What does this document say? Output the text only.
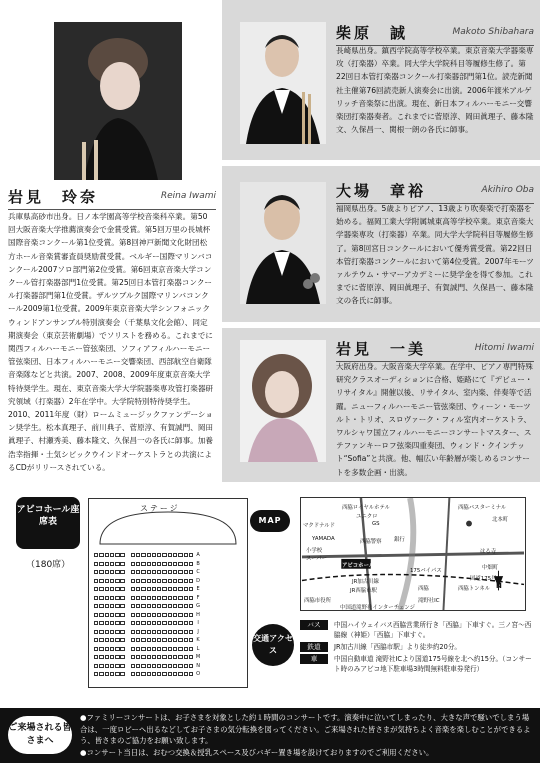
岩見　玲奈	Reina Iwami
兵庫県高砂市出身。日ノ本学園高等学校音楽科卒業。第50回大阪音楽大学推薦演奏会で金賞受賞。第5回万里の長城杯国際音楽コンクール第1位受賞。第8回神戸新聞文化財団松方ホール音楽賞審査員奨励賞受賞。ベルギー国際マリンバコンクール2007ソロ部門第2位受賞。第6回東京音楽大学コンクール管打楽器部門1位受賞。第25回日本管打楽器コンクール打楽器部門第1位受賞。ザルツブルク国際マリンバコンクール2009第1位受賞。2009年東京音楽大学シンフォニックウィンドアンサンブル特別演奏会（千葉県文化会館）、同定期演奏会（東京芸術劇場）でソリストを務める。これまでに関西フィルハーモニー管弦楽団、ソフィアフィルハーモニー管弦楽団、日本フィルハーモニー交響楽団、西部航空自衛隊音楽隊などと共演。2007、2008、2009年度東京音楽大学特待奨学生。現在、東京音楽大学大学院器楽専攻管打楽器研究領域（打楽器）2年在学中。大学院特別特待奨学生。2010、2011年度（財）ロームミュージックファンデーション奨学生。松本真理子、前川典子、菅原淳、有賀誠門、岡田眞理子、村瀬秀美、藤本隆文、久保昌一の各氏に師事。加養浩幸指揮・土気シビックウインドオーケストラとの共演によるCDがリリースされている。
柴原　誠	Makoto Shibahara
長崎県出身。鎮西学院高等学校卒業。東京音楽大学器楽専攻（打楽器）卒業。同大学大学院科目等履修生修了。第22回日本管打楽器コンクール打楽器部門第1位。読売新聞社主催第76回読売新人演奏会に出演。2006年渡米アルゲリッチ音楽祭に出演。現在、新日本フィルハーモニー交響楽団打楽器奏者。これまでに菅原淳、岡田眞理子、藤本隆文、久保昌一、関根一朗の各氏に師事。
大場　章裕	Akihiro Oba
福岡県出身。5歳よりピアノ、13歳より吹奏楽で打楽器を始める。福岡工業大学附属城東高等学校卒業。東京音楽大学器楽専攻（打楽器）卒業。同大学大学院科目等履修生修了。第8回宮日コンクールにおいて優秀賞受賞。第22回日本管打楽器コンクールにおいて第4位受賞。2007年モーツァルテウム・サマーアカデミーに奨学金を得て参加。これまでに菅原淳、岡田眞理子、有賀誠門、久保昌一、藤本隆文の各氏に師事。
岩見　一美	Hitomi Iwami
大阪府出身。大阪音楽大学卒業。在学中、ピアノ専門特殊研究クラスオーディションに合格、姫路にて『デビュー・リサイタル』開催以後、リサイタル、室内楽、伴奏等で活躍。ニューフィルハーモニー管弦楽団、ウィーン・モーツルト・トリオ、スロヴァーク・フィル室内オーケストラ、ワルシャワ国立フィルハーモニーコンサートマスター、ステファンキーロフ弦楽四重奏団、ウィンド・クインテット“Sofia”と共演。他、幅広い年齢層が楽しめるコンサートを多数企画・出演。
アビコホール座席表
（180席）
ステージ
A
B
C
D
E
F
G
H
I
J
K
L
M
N
O
MAP
西脇ロイヤルホテル	西脇バスターミナル
ユニクロ
マクドナルド	GS
北本町
YAMADA	西脇警察 銀行
はる寺
小学校
スーパー
アビコホール	中畑町
国道175号
175バイパス
JR加古川線
JR西脇市駅	西脇	西脇トンネル
滝野社IC
中国道滝野社インターチェンジ
西脇市役所
N
交通アクセス
バス	中国ハイウェイバス西脇営業所行き「西脇」下車すぐ。三ノ宮〜西脇線（神姫）「西脇」下車すぐ。
鉄道	JR加古川線「西脇市駅」より徒歩約20分。
車	中国自動車道 滝野社ICより国道175号線を北へ約15分。（コンサート時のみアビコ地下駐車場3時間無料駐車券発行）
ご来場される皆さまへ
●ファミリーコンサートは、お子さまを対象とした約１時間のコンサートです。演奏中に泣いてしまったり、大きな声で騒いでしまう場合は、一度ロビーへ出るなどしてお子さまの気分転換を図ってください。ご来場された皆さまが気持ちよく音楽を楽しむことができるよう、皆さまのご協力をお願い致します。
●コンサート当日は、おむつ交換＆授乳スペース及びバギー置き場を設けておりますのでご利用ください。
